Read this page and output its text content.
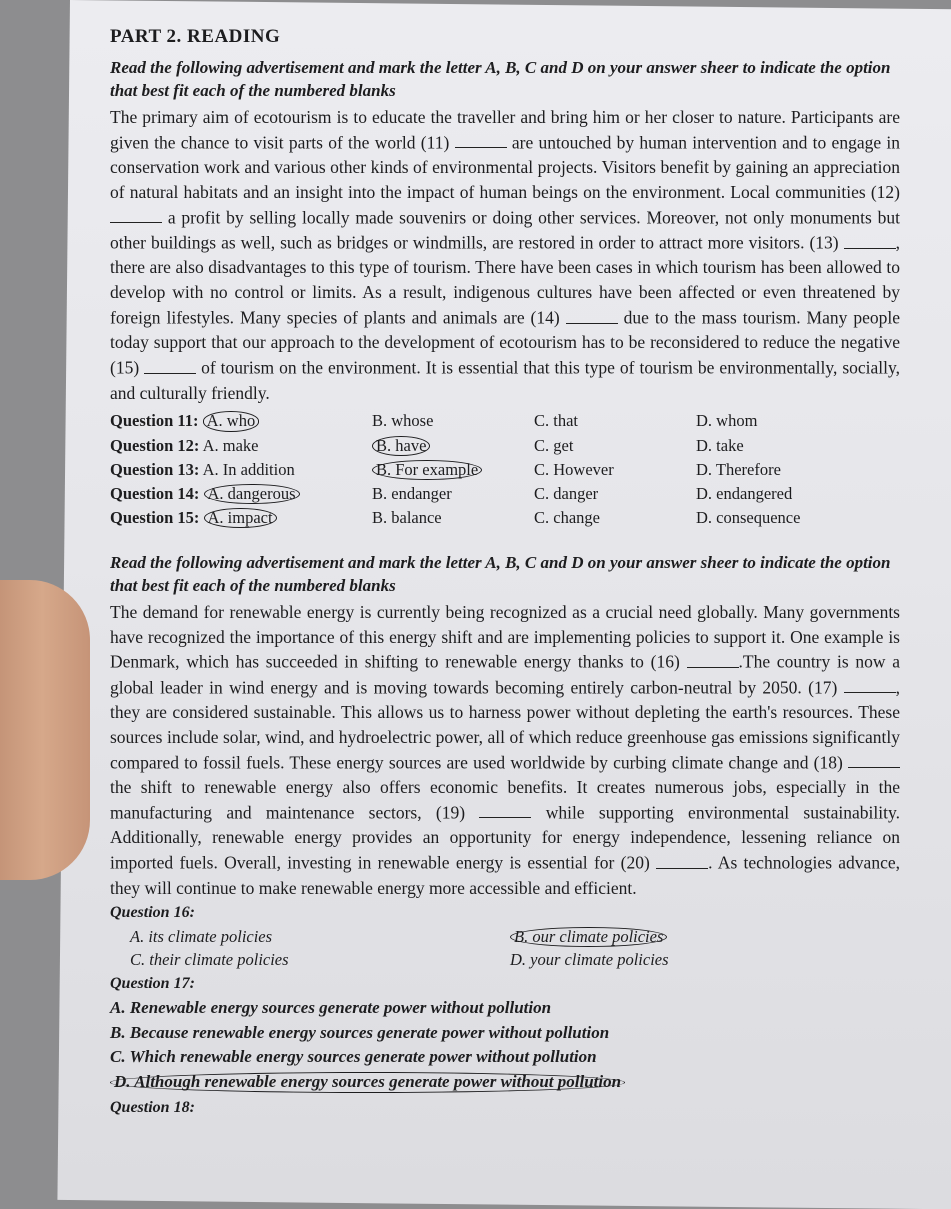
PART 2. READING
Read the following advertisement and mark the letter A, B, C and D on your answer sheer to indicate the option that best fit each of the numbered blanks
The primary aim of ecotourism is to educate the traveller and bring him or her closer to nature. Participants are given the chance to visit parts of the world (11)	are untouched by human intervention and to engage in conservation work and various other kinds of environmental projects. Visitors benefit by gaining an appreciation of natural habitats and an insight into the impact of human beings on the environment. Local communities (12)  a profit by selling locally made souvenirs or doing other services. Moreover, not only monuments but other buildings as well, such as bridges or windmills, are restored in order to attract more visitors. (13)	, there are also disadvantages to this type of tourism. There have been cases in which tourism has been allowed to develop with no control or limits. As a result, indigenous cultures have been affected or even threatened by foreign lifestyles. Many species of plants and animals are (14)	due to the mass tourism. Many people today support that our approach to the development of ecotourism has to be reconsidered to reduce the negative (15)	of tourism on the environment. It is essential that this type of tourism be environmentally, socially, and culturally friendly.
Question 11: A. who	B. whose	C. that	D. whom
Question 12: A. make	B. have	C. get	D. take
Question 13: A. In addition	B. For example	C. However	D. Therefore
Question 14: A. dangerous	B. endanger	C. danger	D. endangered
Question 15: A. impact	B. balance	C. change	D. consequence
Read the following advertisement and mark the letter A, B, C and D on your answer sheer to indicate the option that best fit each of the numbered blanks
The demand for renewable energy is currently being recognized as a crucial need globally. Many governments have recognized the importance of this energy shift and are implementing policies to support it. One example is Denmark, which has succeeded in shifting to renewable energy thanks to (16)	.The country is now a global leader in wind energy and is moving towards becoming entirely carbon-neutral by 2050. (17)	, they are considered sustainable. This allows us to harness power without depleting the earth's resources. These sources include solar, wind, and hydroelectric power, all of which reduce greenhouse gas emissions significantly compared to fossil fuels. These energy sources are used worldwide by curbing climate change and (18)  the shift to renewable energy also offers economic benefits. It creates numerous jobs, especially in the manufacturing and maintenance sectors, (19)	while supporting environmental sustainability. Additionally, renewable energy provides an opportunity for energy independence, lessening reliance on imported fuels. Overall, investing in renewable energy is essential for (20)	. As technologies advance, they will continue to make renewable energy more accessible and efficient.
Question 16:
A. its climate policies	B. our climate policies
C. their climate policies	D. your climate policies
Question 17:
A. Renewable energy sources generate power without pollution
B. Because renewable energy sources generate power without pollution
C. Which renewable energy sources generate power without pollution
D. Although renewable energy sources generate power without pollution
Question 18:
